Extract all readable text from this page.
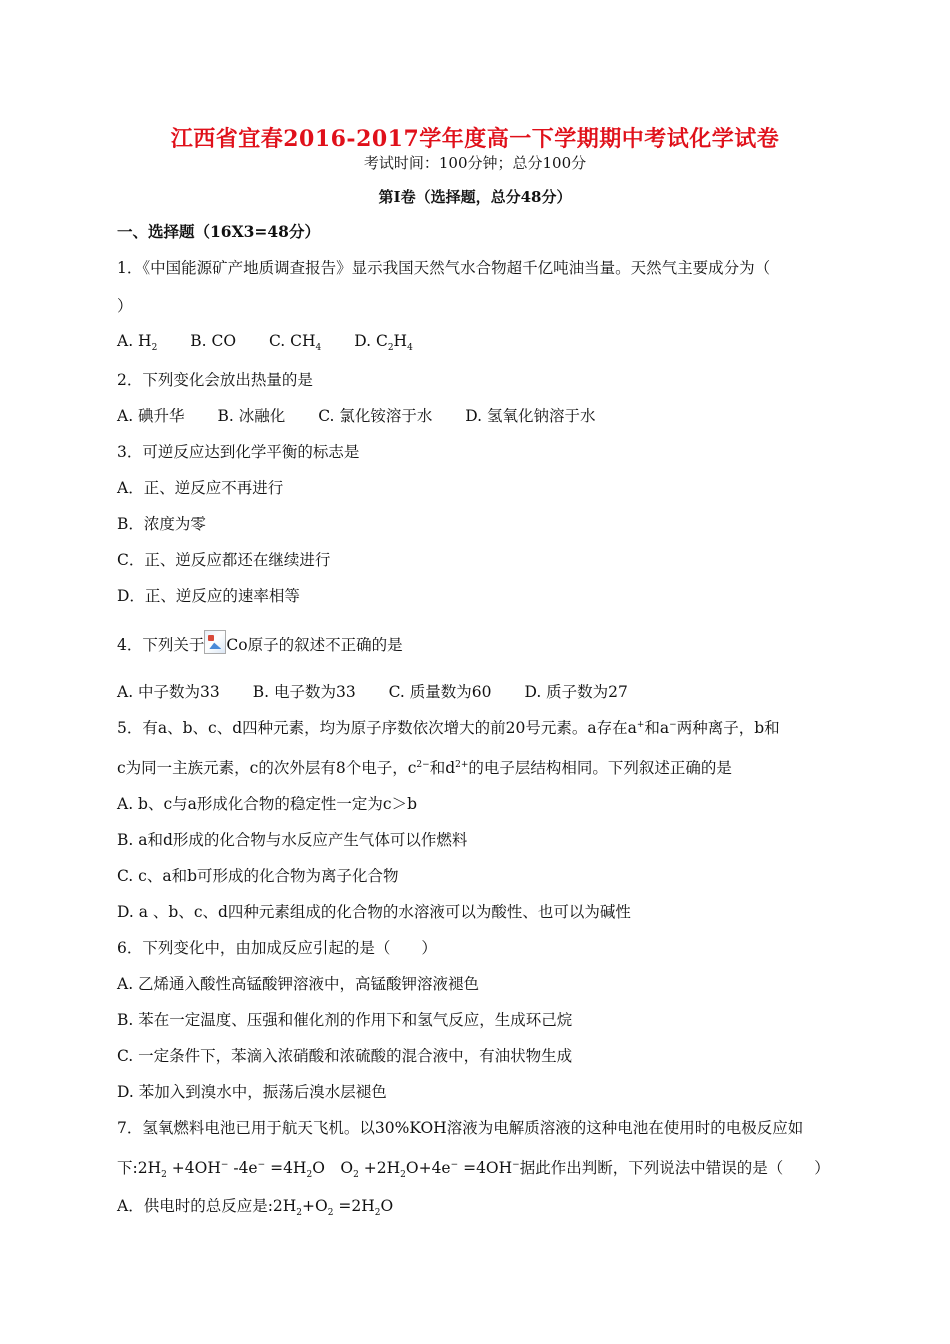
江西省宜春2016-2017学年度高一下学期期中考试化学试卷
考试时间：100分钟；总分100分
第Ⅰ卷（选择题，总分48分）
一、选择题（16X3=48分）
1．《中国能源矿产地质调查报告》显示我国天然气水合物超千亿吨油当量。天然气主要成分为（
）
A. $H_2$ B. CO C. $CH_4$ D. $C_2H_4$
2．下列变化会放出热量的是
A. 碘升华 B. 冰融化 C. 氯化铵溶于水 D. 氢氧化钠溶于水
3．可逆反应达到化学平衡的标志是
A．正、逆反应不再进行
B．浓度为零
C．正、逆反应都还在继续进行
D．正、逆反应的速率相等
4．下列关于 Co原子的叙述不正确的是
A. 中子数为33 B. 电子数为33 C. 质量数为60 D. 质子数为27
5．有a、b、c、d四种元素，均为原子序数依次增大的前20号元素。a存在a+和a−两种离子，b和
c为同一主族元素，c的次外层有8个电子，$c^{2-}$和$d^{2+}$的电子层结构相同。下列叙述正确的是
A. b、c与a形成化合物的稳定性一定为c＞b
B. a和d形成的化合物与水反应产生气体可以作燃料
C. c、a和b可形成的化合物为离子化合物
D. a 、b、c、d四种元素组成的化合物的水溶液可以为酸性、也可以为碱性
6．下列变化中，由加成反应引起的是（　　）
A. 乙烯通入酸性高锰酸钾溶液中，高锰酸钾溶液褪色
B. 苯在一定温度、压强和催化剂的作用下和氢气反应，生成环己烷
C. 一定条件下，苯滴入浓硝酸和浓硫酸的混合液中，有油状物生成
D. 苯加入到溴水中，振荡后溴水层褪色
7．氢氧燃料电池已用于航天飞机。以30%KOH溶液为电解质溶液的这种电池在使用时的电极反应如
下$:2H_2 +4OH^-$ $-4e^- =4H_2O$　$O_2 +2H_2O+4e^- =4OH^-$据此作出判断，下列说法中错误的是（　　）
A．供电时的总反应是$:2H_2+O_2 =2H_2O$
